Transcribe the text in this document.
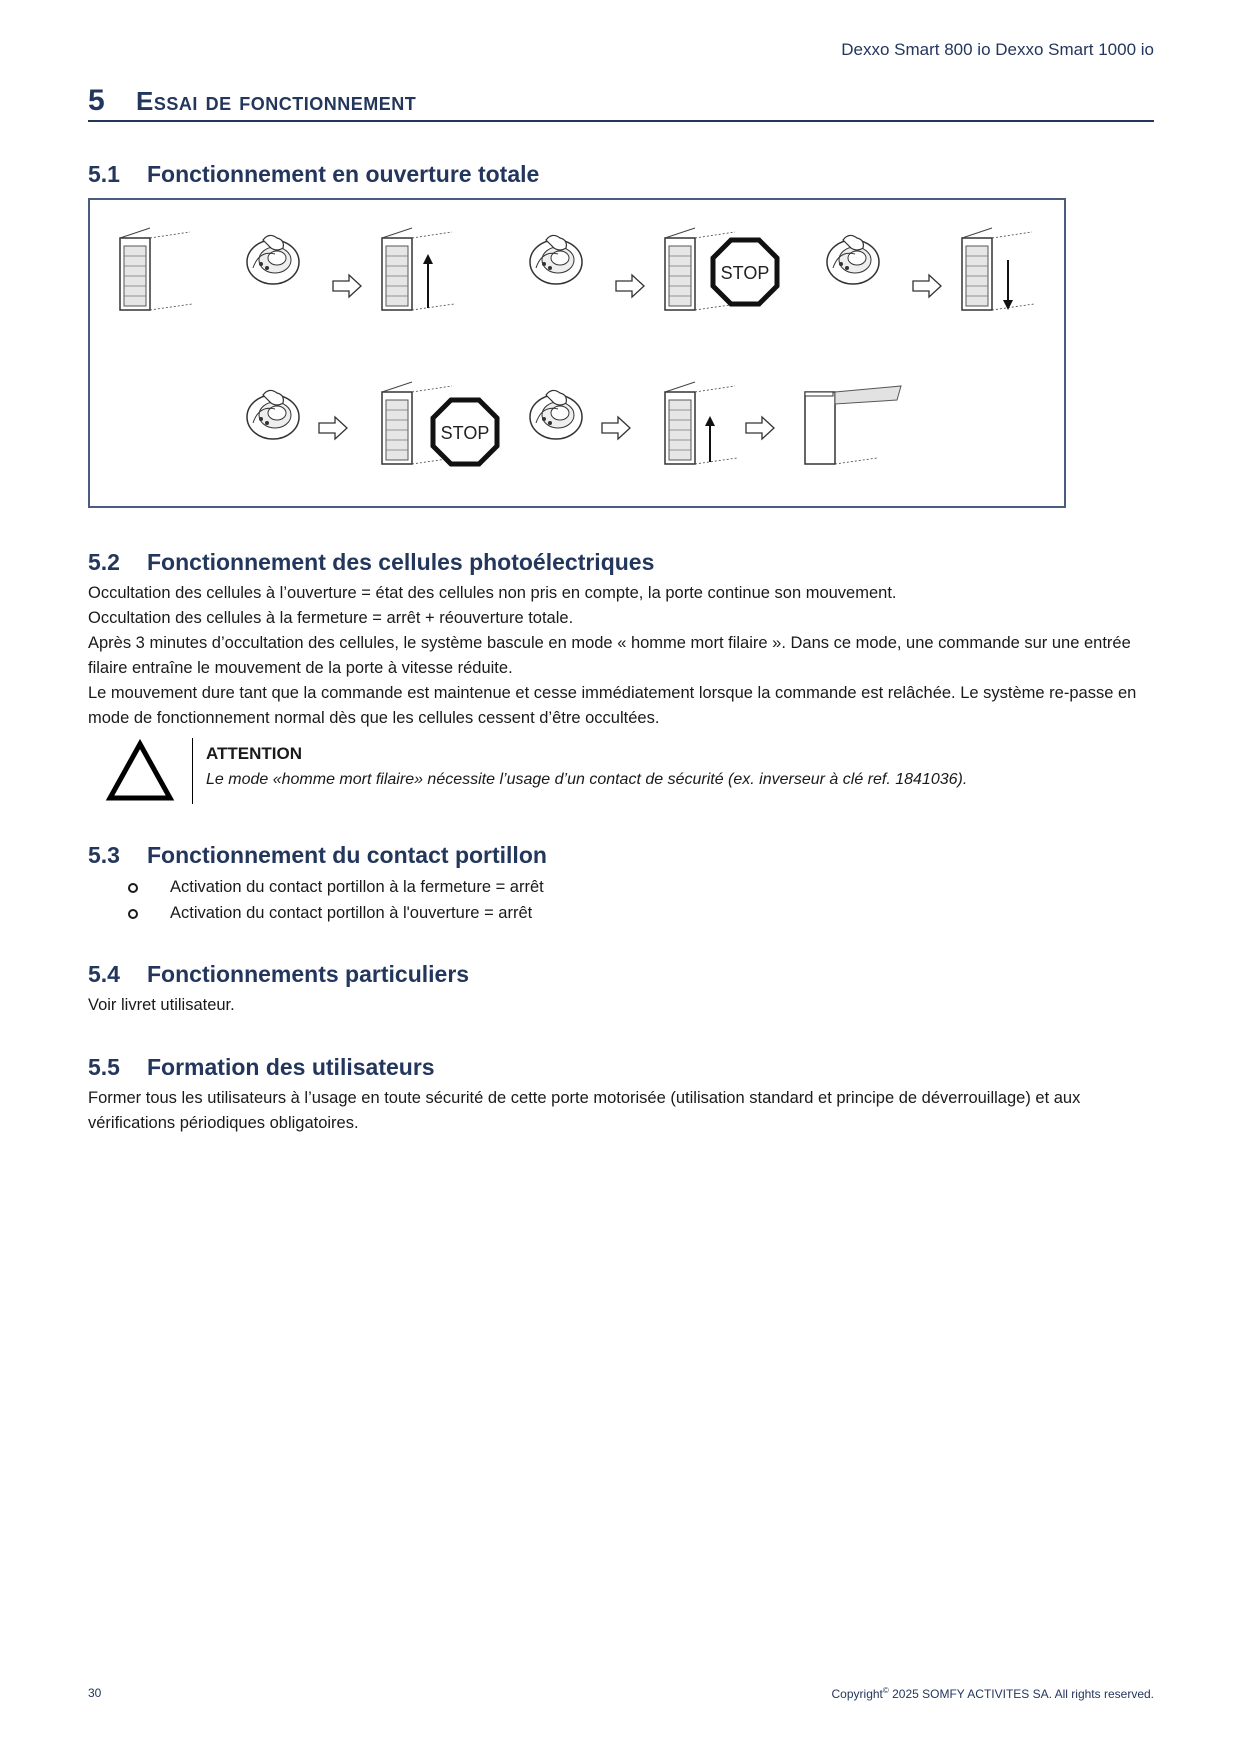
Dexxo Smart 800 io Dexxo Smart 1000 io
5 Essai de fonctionnement
5.1 Fonctionnement en ouverture totale
STOP
STOP
5.2 Fonctionnement des cellules photoélectriques

Occultation des cellules à l’ouverture = état des cellules non pris en compte, la porte continue son mouvement.

Occultation des cellules à la fermeture = arrêt + réouverture totale.

Après 3 minutes d’occultation des cellules, le système bascule en mode « homme mort filaire ». Dans ce mode, une commande sur une entrée filaire entraîne le mouvement de la porte à vitesse réduite.

Le mouvement dure tant que la commande est maintenue et cesse immédiatement lorsque la commande est relâchée. Le système re-passe en mode de fonctionnement normal dès que les cellules cessent d’être occultées.

ATTENTION
Le mode «homme mort filaire» nécessite l’usage d’un contact de sécurité (ex. inverseur à clé ref. 1841036).
5.3 Fonctionnement du contact portillon
Activation du contact portillon à la fermeture = arrêt
Activation du contact portillon à l'ouverture = arrêt
5.4 Fonctionnements particuliers
Voir livret utilisateur.
5.5 Formation des utilisateurs
Former tous les utilisateurs à l’usage en toute sécurité de cette porte motorisée (utilisation standard et principe de déverrouillage) et aux vérifications périodiques obligatoires.
30	Copyright© 2025 SOMFY ACTIVITES SA. All rights reserved.
